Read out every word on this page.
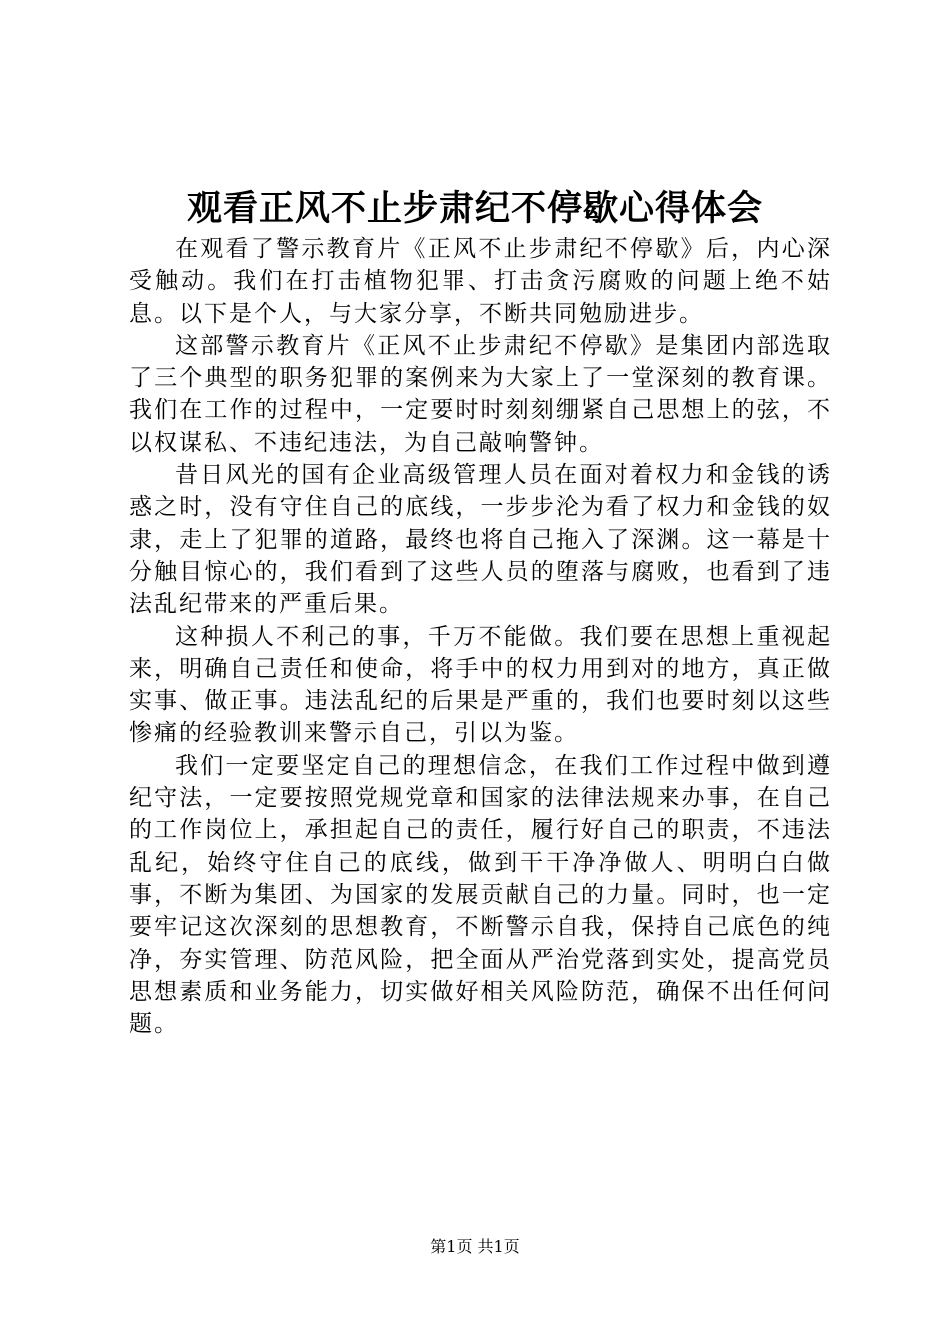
观看正风不止步肃纪不停歇心得体会

在观看了警示教育片《正风不止步肃纪不停歇》后，内心深受触动。我们在打击植物犯罪、打击贪污腐败的问题上绝不姑息。以下是个人，与大家分享，不断共同勉励进步。

这部警示教育片《正风不止步肃纪不停歇》是集团内部选取了三个典型的职务犯罪的案例来为大家上了一堂深刻的教育课。我们在工作的过程中，一定要时时刻刻绷紧自己思想上的弦，不以权谋私、不违纪违法，为自己敲响警钟。

昔日风光的国有企业高级管理人员在面对着权力和金钱的诱惑之时，没有守住自己的底线，一步步沦为看了权力和金钱的奴隶，走上了犯罪的道路，最终也将自己拖入了深渊。这一幕是十分触目惊心的，我们看到了这些人员的堕落与腐败，也看到了违法乱纪带来的严重后果。

这种损人不利己的事，千万不能做。我们要在思想上重视起来，明确自己责任和使命，将手中的权力用到对的地方，真正做实事、做正事。违法乱纪的后果是严重的，我们也要时刻以这些惨痛的经验教训来警示自己，引以为鉴。

我们一定要坚定自己的理想信念，在我们工作过程中做到遵纪守法，一定要按照党规党章和国家的法律法规来办事，在自己的工作岗位上，承担起自己的责任，履行好自己的职责，不违法乱纪，始终守住自己的底线，做到干干净净做人、明明白白做事，不断为集团、为国家的发展贡献自己的力量。同时，也一定要牢记这次深刻的思想教育，不断警示自我，保持自己底色的纯净，夯实管理、防范风险，把全面从严治党落到实处，提高党员思想素质和业务能力，切实做好相关风险防范，确保不出任何问题。

第1页 共1页
